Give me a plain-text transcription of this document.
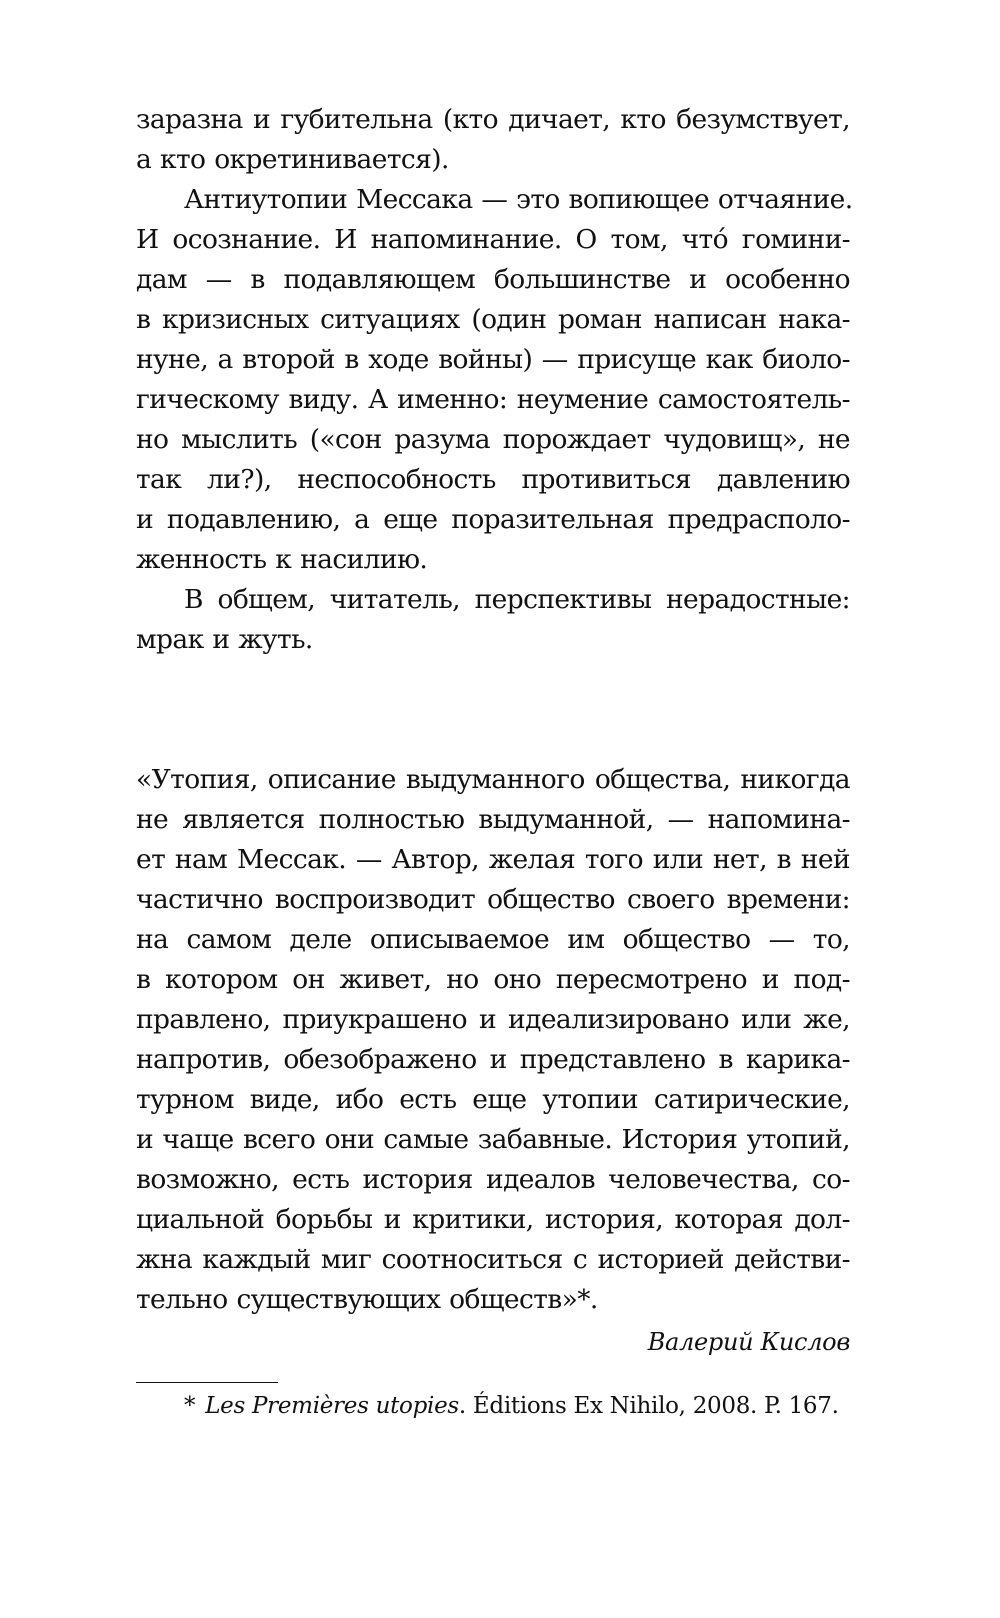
заразна и губительна (кто дичает, кто безумствует,
а кто окретинивается).
Антиутопии Мессака — это вопиющее отчаяние.
И осознание. И напоминание. О том, что́ гомини-
дам — в подавляющем большинстве и особенно
в кризисных ситуациях (один роман написан нака-
нуне, а второй в ходе войны) — присуще как биоло-
гическому виду. А именно: неумение самостоятель-
но мыслить («сон разума порождает чудовищ», не
так ли?), неспособность противиться давлению
и подавлению, а еще поразительная предрасполо-
женность к насилию.
В общем, читатель, перспективы нерадостные:
мрак и жуть.
«Утопия, описание выдуманного общества, никогда
не является полностью выдуманной, — напомина-
ет нам Мессак. — Автор, желая того или нет, в ней
частично воспроизводит общество своего времени:
на самом деле описываемое им общество — то,
в котором он живет, но оно пересмотрено и под-
правлено, приукрашено и идеализировано или же,
напротив, обезображено и представлено в карика-
турном виде, ибо есть еще утопии сатирические,
и чаще всего они самые забавные. История утопий,
возможно, есть история идеалов человечества, со-
циальной борьбы и критики, история, которая дол-
жна каждый миг соотноситься с историей действи-
тельно существующих обществ»*.
Валерий Кислов
* Les Premières utopies. Éditions Ex Nihilo, 2008. P. 167.
